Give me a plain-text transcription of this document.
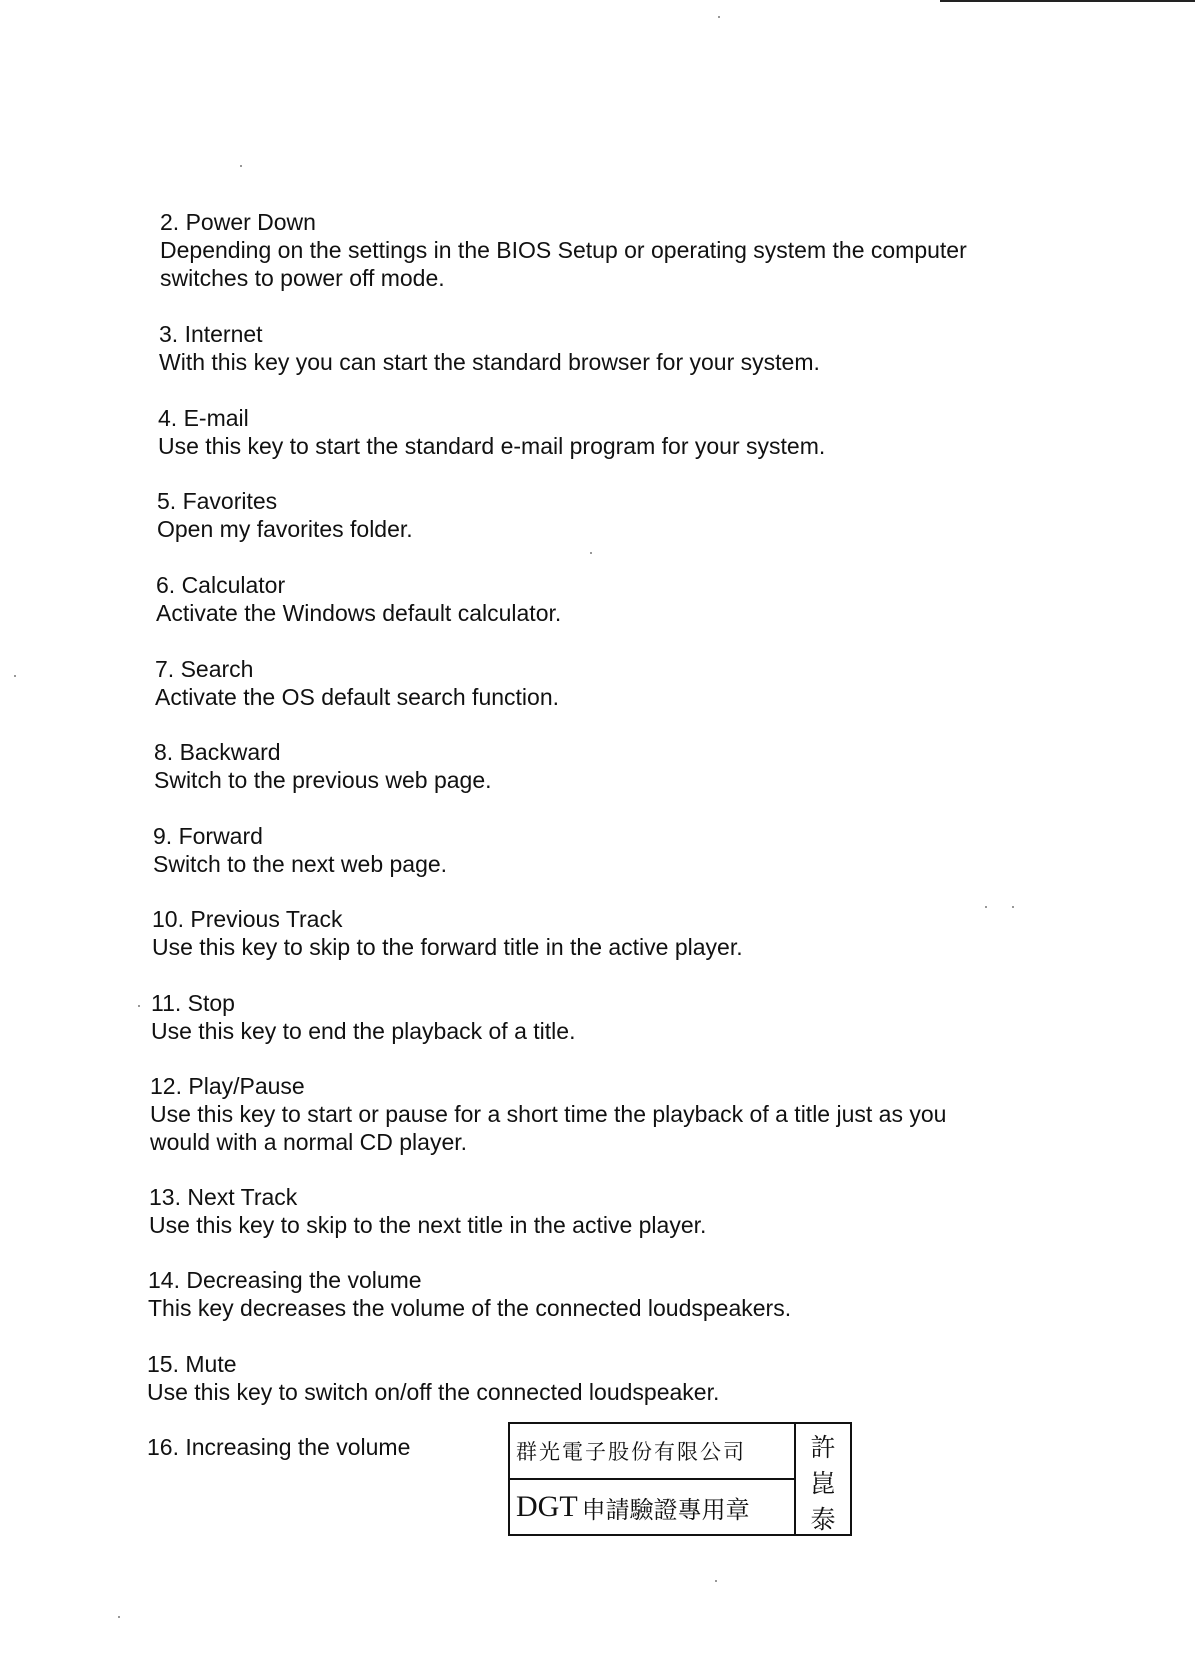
2. Power Down
Depending on the settings in the BIOS Setup or operating system the computer
switches to power off mode.
3. Internet
With this key you can start the standard browser for your system.
4. E-mail
Use this key to start the standard e-mail program for your system.
5. Favorites
Open my favorites folder.
6. Calculator
Activate the Windows default calculator.
7. Search
Activate the OS default search function.
8. Backward
Switch to the previous web page.
9. Forward
Switch to the next web page.
10. Previous Track
Use this key to skip to the forward title in the active player.
11. Stop
Use this key to end the playback of a title.
12. Play/Pause
Use this key to start or pause for a short time the playback of a title just as you
would with a normal CD player.
13. Next Track
Use this key to skip to the next title in the active player.
14. Decreasing the volume
This key decreases the volume of the connected loudspeakers.
15. Mute
Use this key to switch on/off the connected loudspeaker.
16. Increasing the volume	群光電子股份有限公司
DGT 申請驗證專用章
許
崑
泰
